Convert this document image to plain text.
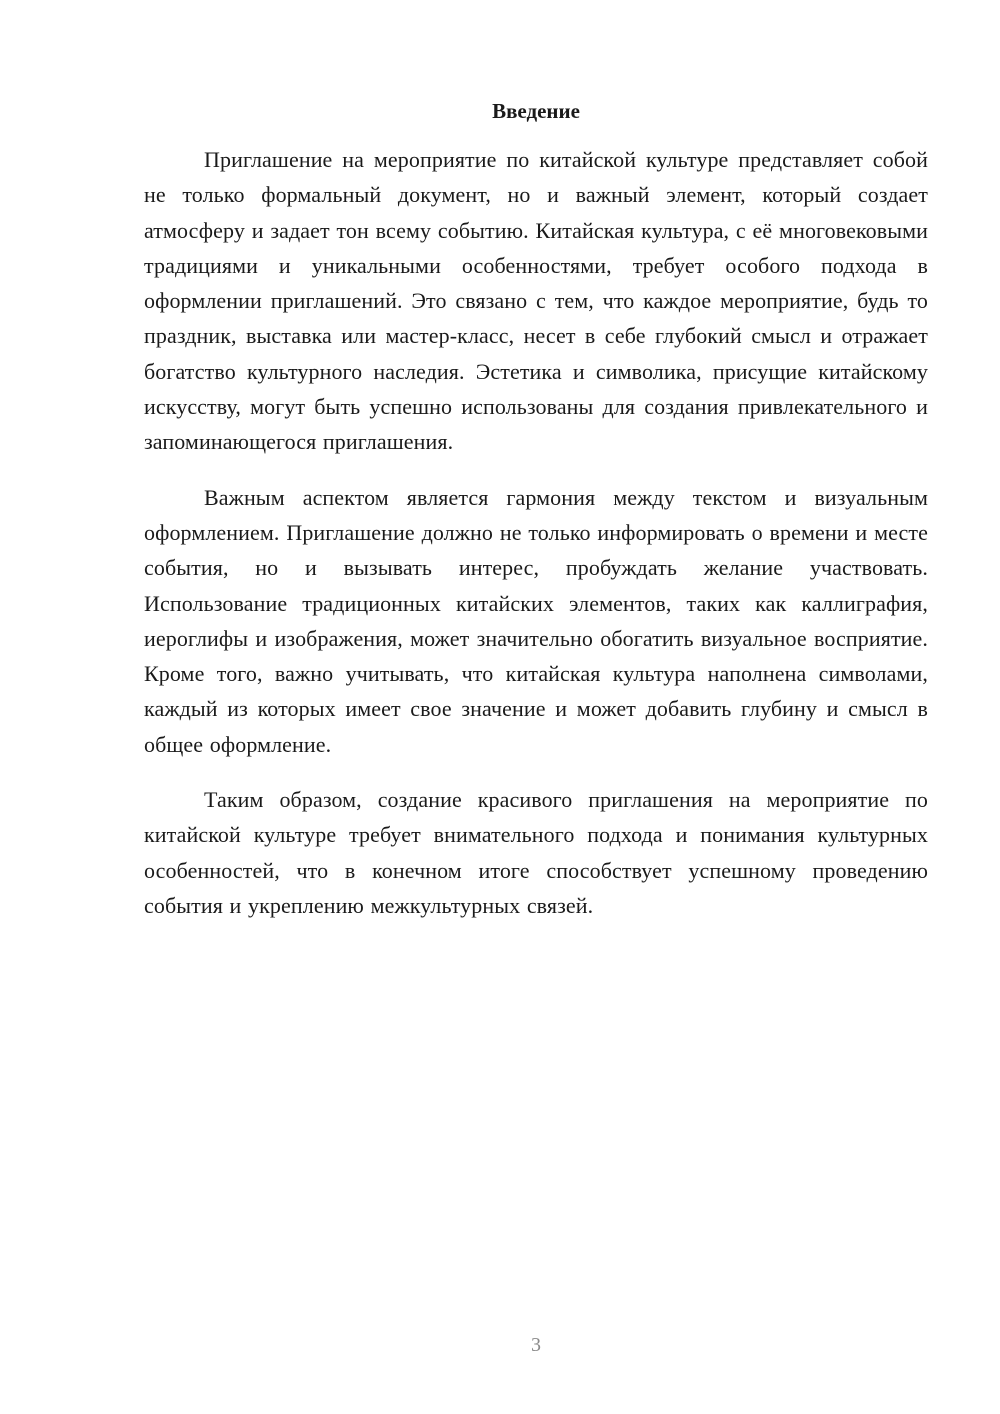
Введение

Приглашение на мероприятие по китайской культуре представляет собой не только формальный документ, но и важный элемент, который создает атмосферу и задает тон всему событию. Китайская культура, с её многовековыми традициями и уникальными особенностями, требует особого подхода в оформлении приглашений. Это связано с тем, что каждое мероприятие, будь то праздник, выставка или мастер-класс, несет в себе глубокий смысл и отражает богатство культурного наследия. Эстетика и символика, присущие китайскому искусству, могут быть успешно использованы для создания привлекательного и запоминающегося приглашения.

Важным аспектом является гармония между текстом и визуальным оформлением. Приглашение должно не только информировать о времени и месте события, но и вызывать интерес, пробуждать желание участвовать. Использование традиционных китайских элементов, таких как каллиграфия, иероглифы и изображения, может значительно обогатить визуальное восприятие. Кроме того, важно учитывать, что китайская культура наполнена символами, каждый из которых имеет свое значение и может добавить глубину и смысл в общее оформление.

Таким образом, создание красивого приглашения на мероприятие по китайской культуре требует внимательного подхода и понимания культурных особенностей, что в конечном итоге способствует успешному проведению события и укреплению межкультурных связей.

3
